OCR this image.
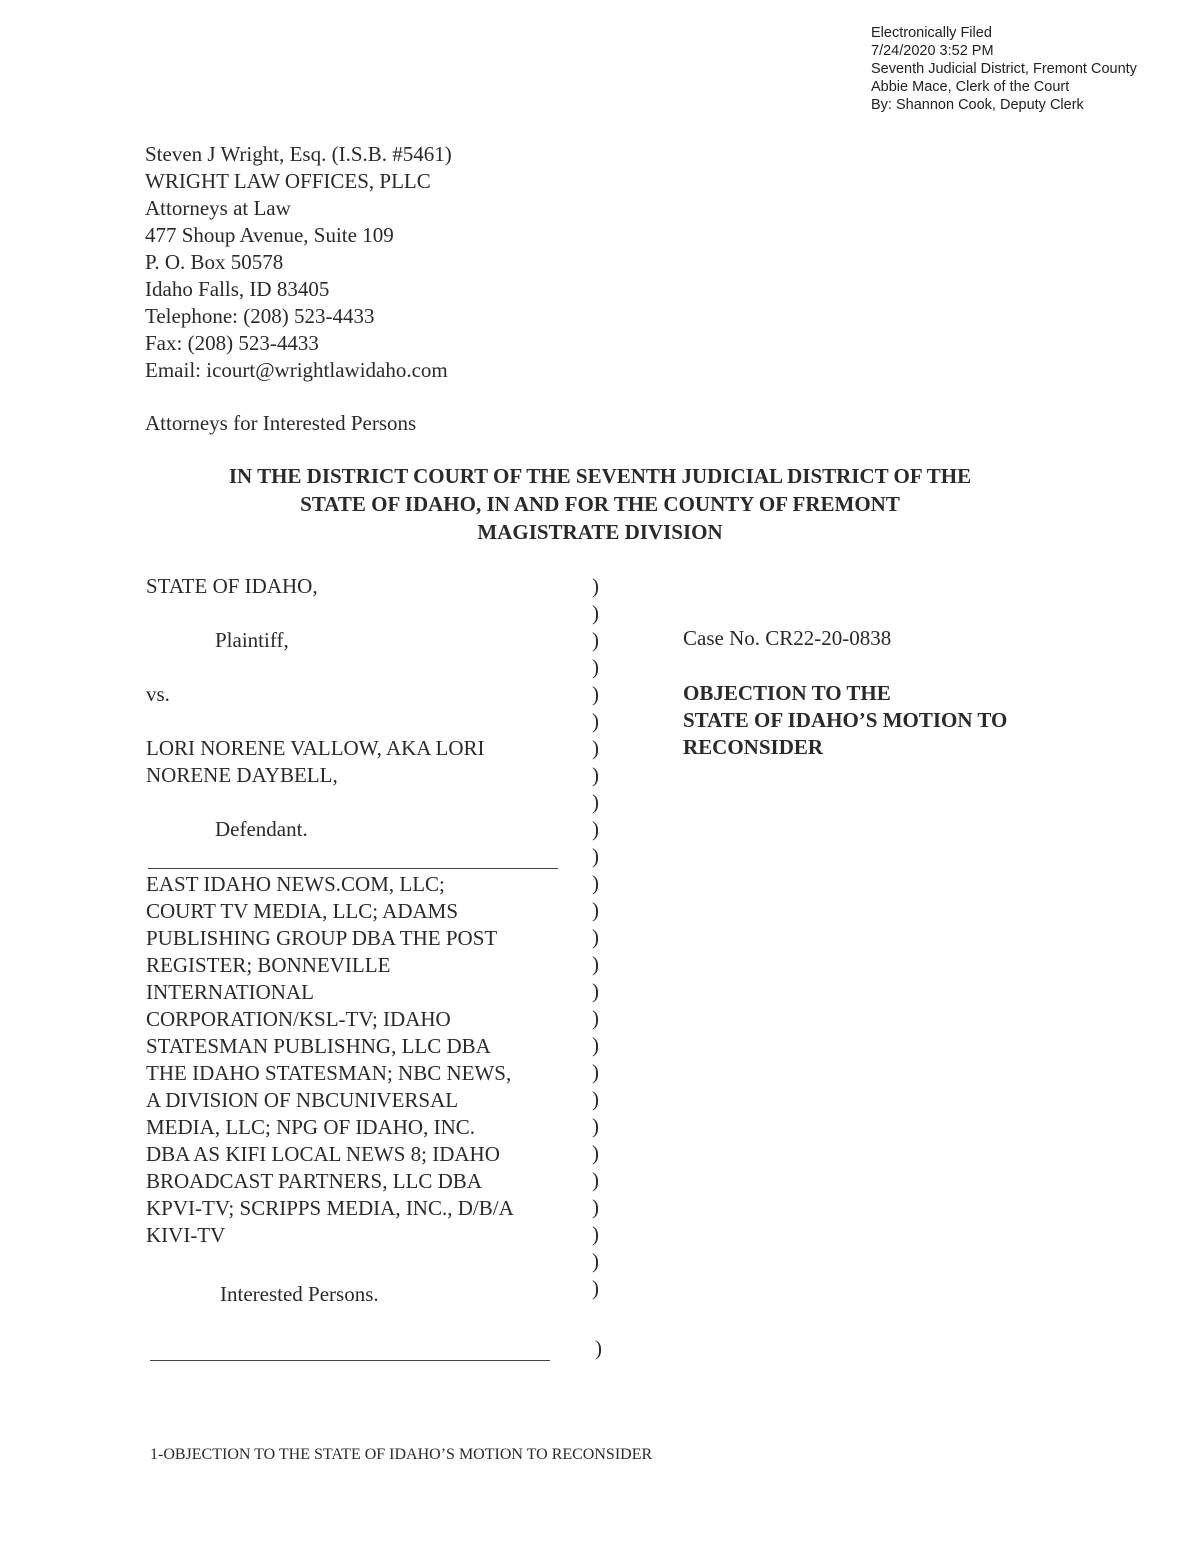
Electronically Filed
7/24/2020 3:52 PM
Seventh Judicial District, Fremont County
Abbie Mace, Clerk of the Court
By: Shannon Cook, Deputy Clerk
Steven J Wright, Esq. (I.S.B. #5461)
WRIGHT LAW OFFICES, PLLC
Attorneys at Law
477 Shoup Avenue, Suite 109
P. O. Box 50578
Idaho Falls, ID 83405
Telephone: (208) 523-4433
Fax: (208) 523-4433
Email: icourt@wrightlawidaho.com
Attorneys for Interested Persons
IN THE DISTRICT COURT OF THE SEVENTH JUDICIAL DISTRICT OF THE
STATE OF IDAHO, IN AND FOR THE COUNTY OF FREMONT
MAGISTRATE DIVISION
STATE OF IDAHO,
Plaintiff,
vs.
LORI NORENE VALLOW, AKA LORI
NORENE DAYBELL,
Defendant.
EAST IDAHO NEWS.COM, LLC;
COURT TV MEDIA, LLC; ADAMS
PUBLISHING GROUP DBA THE POST
REGISTER; BONNEVILLE
INTERNATIONAL
CORPORATION/KSL-TV; IDAHO
STATESMAN PUBLISHNG, LLC DBA
THE IDAHO STATESMAN; NBC NEWS,
A DIVISION OF NBCUNIVERSAL
MEDIA, LLC; NPG OF IDAHO, INC.
DBA AS KIFI LOCAL NEWS 8; IDAHO
BROADCAST PARTNERS, LLC DBA
KPVI-TV; SCRIPPS MEDIA, INC., D/B/A
KIVI-TV
Interested Persons.
)
)
)
)
)
)
)
)
)
)
)
)
)
)
)
)
)
)
)
)
)
)
)
)
)
)
)
)
Case No. CR22-20-0838
OBJECTION TO THE
STATE OF IDAHO’S MOTION TO
RECONSIDER
1-OBJECTION TO THE STATE OF IDAHO’S MOTION TO RECONSIDER
